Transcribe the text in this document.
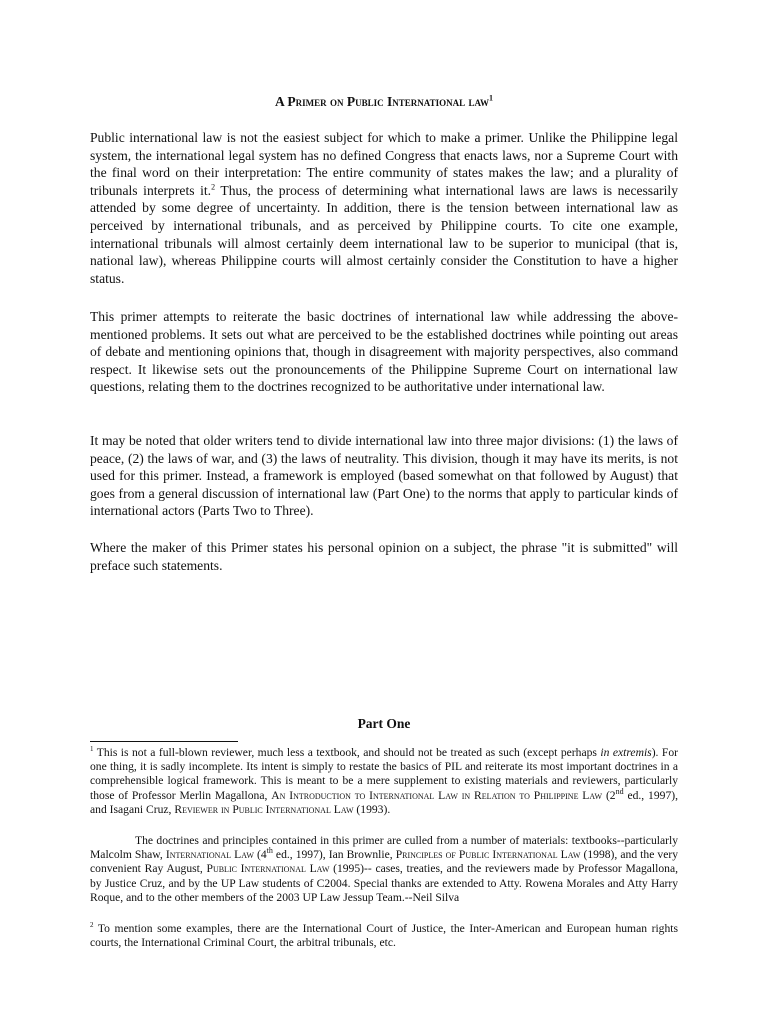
A Primer on Public International law$^1$

Public international law is not the easiest subject for which to make a primer. Unlike the Philippine legal system, the international legal system has no defined Congress that enacts laws, nor a Supreme Court with the final word on their interpretation: The entire community of states makes the law; and a plurality of tribunals interprets it.$^2$ Thus, the process of determining what international laws are laws is necessarily attended by some degree of uncertainty. In addition, there is the tension between international law as perceived by international tribunals, and as perceived by Philippine courts. To cite one example, international tribunals will almost certainly deem international law to be superior to municipal (that is, national law), whereas Philippine courts will almost certainly consider the Constitution to have a higher status.

This primer attempts to reiterate the basic doctrines of international law while addressing the above-mentioned problems. It sets out what are perceived to be the established doctrines while pointing out areas of debate and mentioning opinions that, though in disagreement with majority perspectives, also command respect. It likewise sets out the pronouncements of the Philippine Supreme Court on international law questions, relating them to the doctrines recognized to be authoritative under international law.

It may be noted that older writers tend to divide international law into three major divisions: (1) the laws of peace, (2) the laws of war, and (3) the laws of neutrality. This division, though it may have its merits, is not used for this primer. Instead, a framework is employed (based somewhat on that followed by August) that goes from a general discussion of international law (Part One) to the norms that apply to particular kinds of international actors (Parts Two to Three).

Where the maker of this Primer states his personal opinion on a subject, the phrase "it is submitted" will preface such statements.

Part One

$^1$ This is not a full-blown reviewer, much less a textbook, and should not be treated as such (except perhaps in extremis). For one thing, it is sadly incomplete. Its intent is simply to restate the basics of PIL and reiterate its most important doctrines in a comprehensible logical framework. This is meant to be a mere supplement to existing materials and reviewers, particularly those of Professor Merlin Magallona, An Introduction to International Law in Relation to Philippine Law (2nd ed., 1997), and Isagani Cruz, Reviewer in Public International Law (1993).

The doctrines and principles contained in this primer are culled from a number of materials: textbooks--particularly Malcolm Shaw, International Law (4th ed., 1997), Ian Brownlie, Principles of Public International Law (1998), and the very convenient Ray August, Public International Law (1995)-- cases, treaties, and the reviewers made by Professor Magallona, by Justice Cruz, and by the UP Law students of C2004. Special thanks are extended to Atty. Rowena Morales and Atty Harry Roque, and to the other members of the 2003 UP Law Jessup Team.--Neil Silva

$^2$ To mention some examples, there are the International Court of Justice, the Inter-American and European human rights courts, the International Criminal Court, the arbitral tribunals, etc.
